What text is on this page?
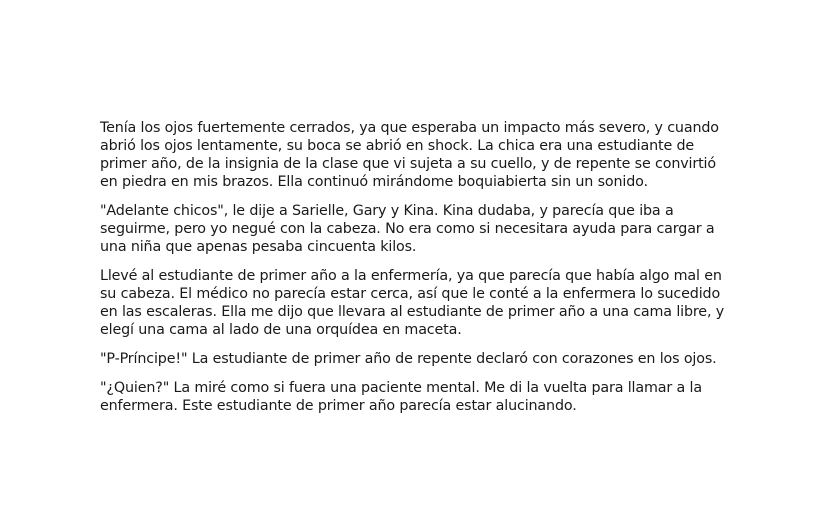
Tenía los ojos fuertemente cerrados, ya que esperaba un impacto más severo, y cuando
abrió los ojos lentamente, su boca se abrió en shock. La chica era una estudiante de
primer año, de la insignia de la clase que vi sujeta a su cuello, y de repente se convirtió
en piedra en mis brazos. Ella continuó mirándome boquiabierta sin un sonido.

"Adelante chicos", le dije a Sarielle, Gary y Kina. Kina dudaba, y parecía que iba a
seguirme, pero yo negué con la cabeza. No era como si necesitara ayuda para cargar a
una niña que apenas pesaba cincuenta kilos.

Llevé al estudiante de primer año a la enfermería, ya que parecía que había algo mal en
su cabeza. El médico no parecía estar cerca, así que le conté a la enfermera lo sucedido
en las escaleras. Ella me dijo que llevara al estudiante de primer año a una cama libre, y
elegí una cama al lado de una orquídea en maceta.

"P-Príncipe!" La estudiante de primer año de repente declaró con corazones en los ojos.

"¿Quien?" La miré como si fuera una paciente mental. Me di la vuelta para llamar a la
enfermera. Este estudiante de primer año parecía estar alucinando.
